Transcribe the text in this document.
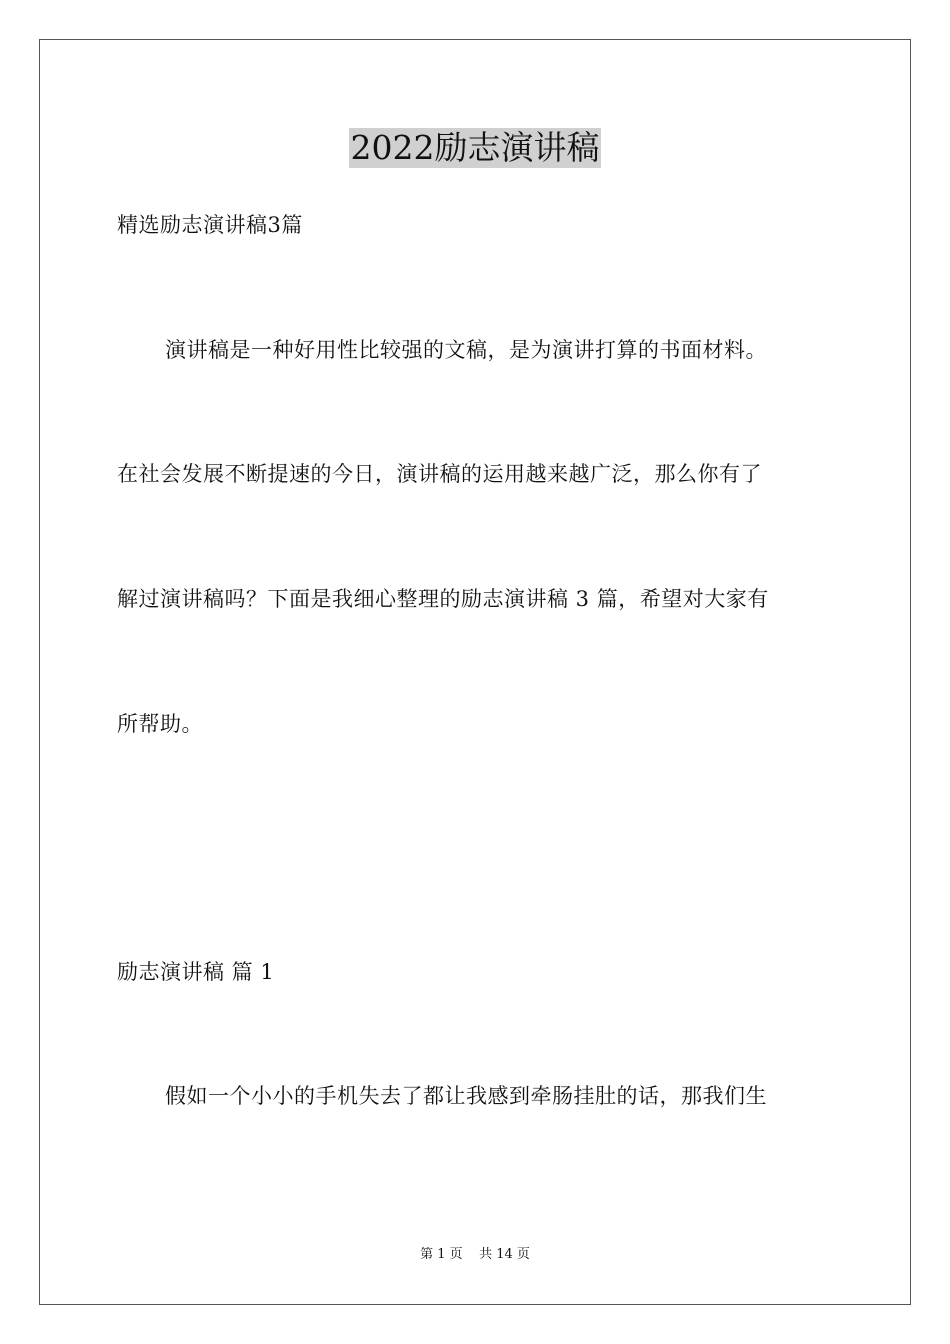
2022励志演讲稿
精选励志演讲稿3篇
演讲稿是一种好用性比较强的文稿，是为演讲打算的书面材料。
在社会发展不断提速的今日，演讲稿的运用越来越广泛，那么你有了
解过演讲稿吗？下面是我细心整理的励志演讲稿 3 篇，希望对大家有
所帮助。
励志演讲稿 篇 1
假如一个小小的手机失去了都让我感到牵肠挂肚的话，那我们生
第 1 页    共 14 页
